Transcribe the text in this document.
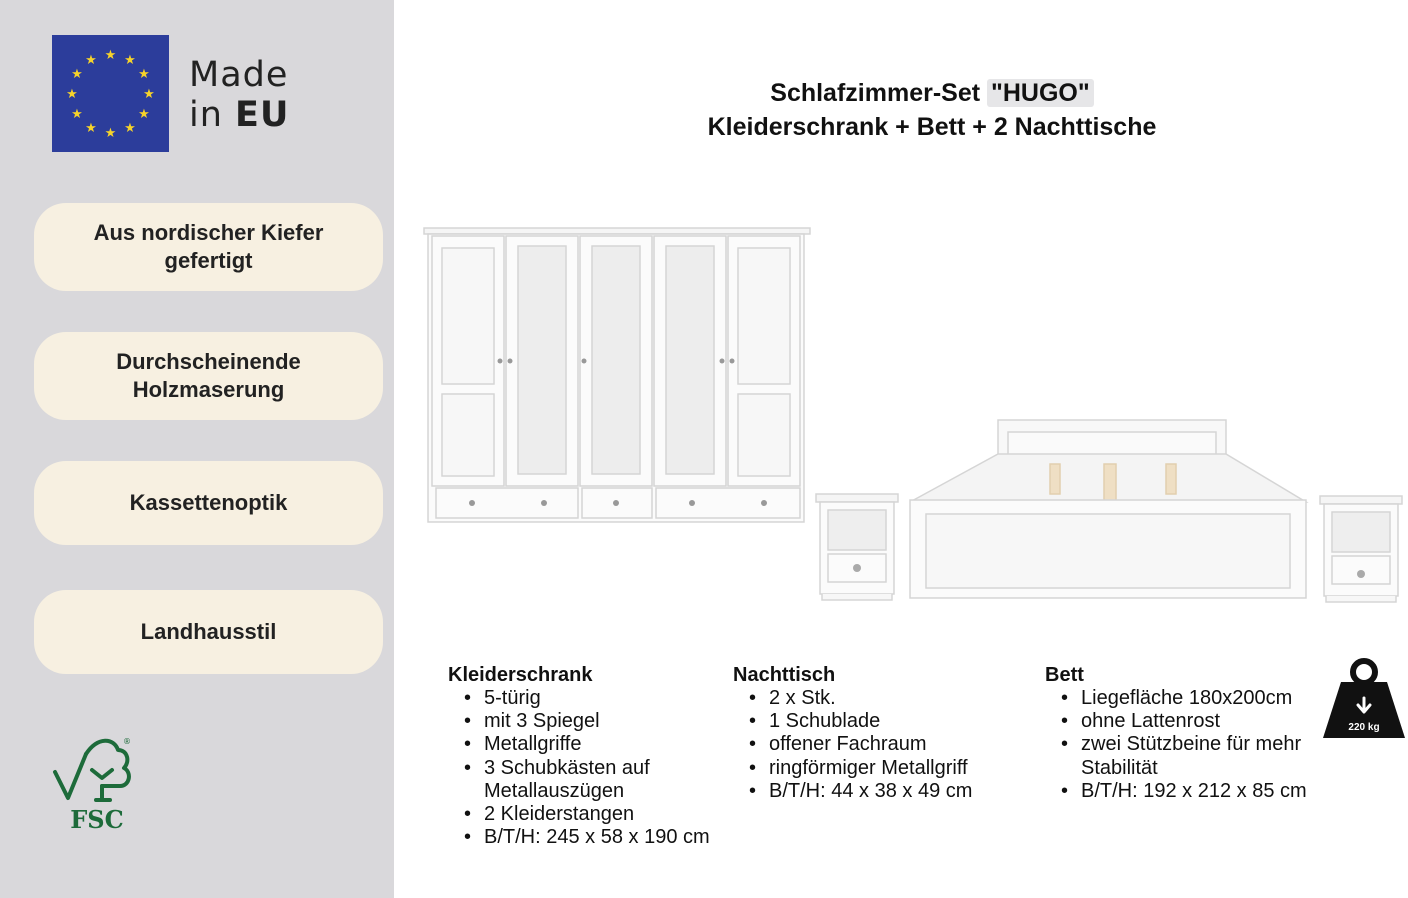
★ ★
★
★
★
★
★
★
★
★
★
★	Made
in EU
Aus nordischer Kiefer gefertigt
Durchscheinende Holzmaserung
Kassettenoptik
Landhausstil
®
FSC
Schlafzimmer-Set "HUGO"
Kleiderschrank + Bett + 2 Nachttische
Kleiderschrank
• 5-türig
• mit 3 Spiegel
• Metallgriffe
• 3 Schubkästen auf Metallauszügen
• 2 Kleiderstangen
• B/T/H: 245 x 58 x 190 cm
Nachttisch
• 2 x Stk.
• 1 Schublade
• offener Fachraum
• ringförmiger Metallgriff
• B/T/H: 44 x 38 x 49 cm
Bett
• Liegefläche 180x200cm
• ohne Lattenrost
• zwei Stützbeine für mehr Stabilität
• B/T/H: 192 x 212 x 85 cm
220 kg
